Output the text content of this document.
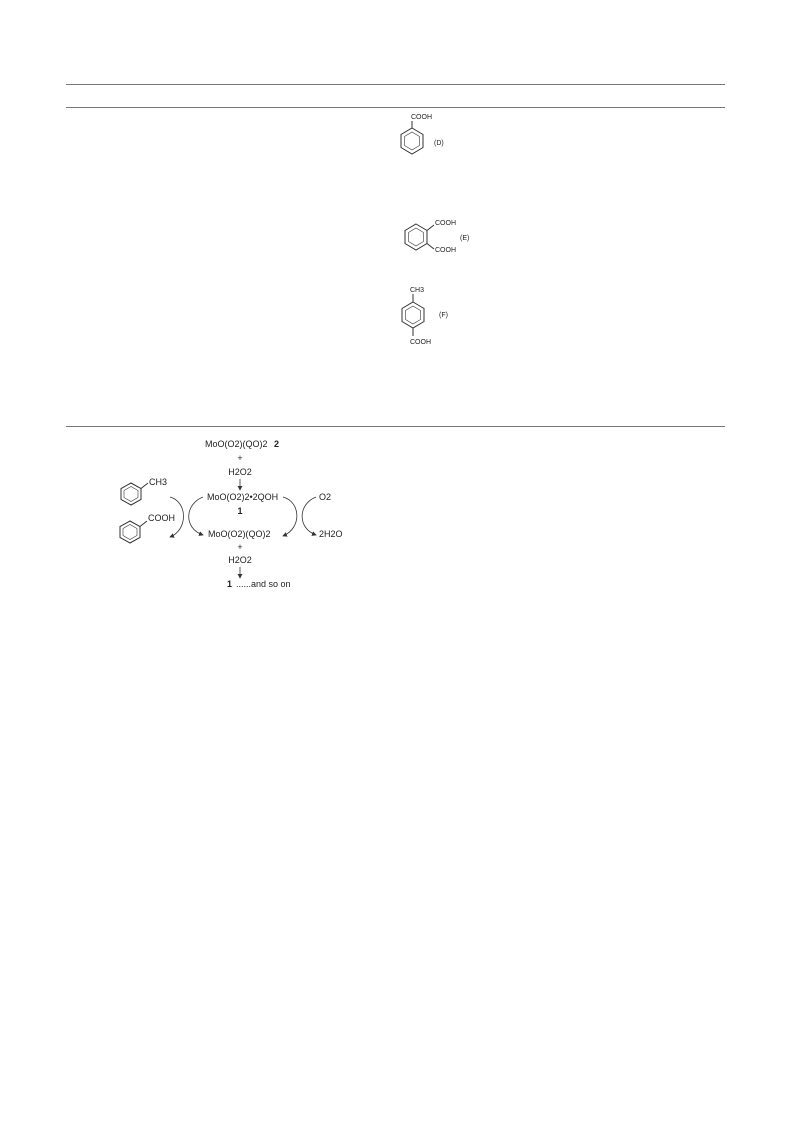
COOH
(D)
COOH
COOH
(E)
CH3
COOH
(F)
MoO(O2)(QO)2 2
+
H2O2
MoO(O2)2•2QOH
1
MoO(O2)(QO)2
+
H2O2
1 ......and so on
CH3
COOH
O2
2H2O
